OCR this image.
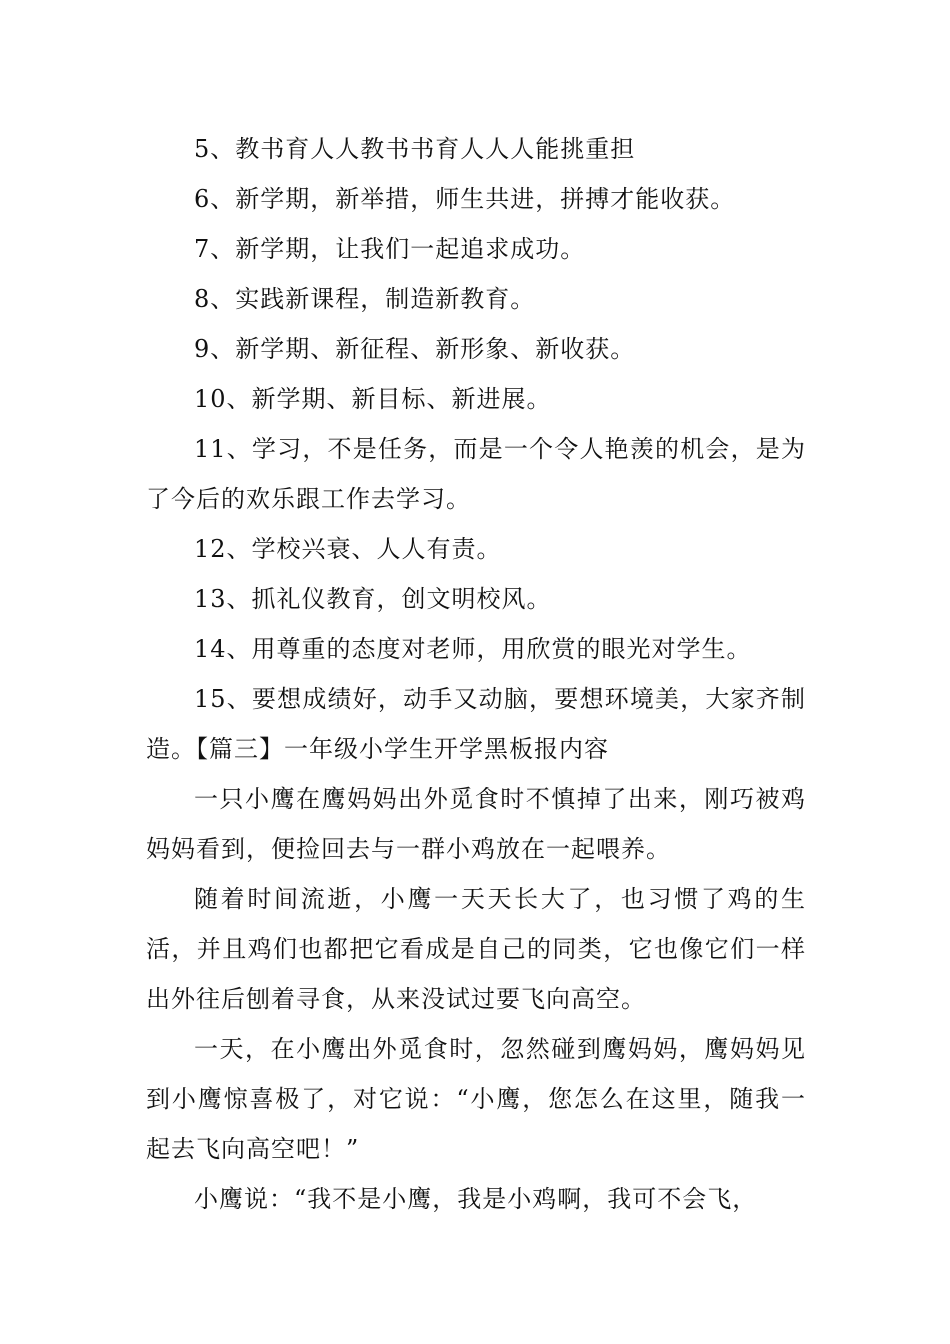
5、教书育人人教书书育人人人能挑重担

6、新学期，新举措，师生共进，拼搏才能收获。

7、新学期，让我们一起追求成功。

8、实践新课程，制造新教育。

9、新学期、新征程、新形象、新收获。

10、新学期、新目标、新进展。

11、学习，不是任务，而是一个令人艳羡的机会，是为了今后的欢乐跟工作去学习。

12、学校兴衰、人人有责。

13、抓礼仪教育，创文明校风。

14、用尊重的态度对老师，用欣赏的眼光对学生。

15、要想成绩好，动手又动脑，要想环境美，大家齐制造。【篇三】一年级小学生开学黑板报内容

一只小鹰在鹰妈妈出外觅食时不慎掉了出来，刚巧被鸡妈妈看到，便捡回去与一群小鸡放在一起喂养。

随着时间流逝，小鹰一天天长大了，也习惯了鸡的生活，并且鸡们也都把它看成是自己的同类，它也像它们一样出外往后刨着寻食，从来没试过要飞向高空。

一天，在小鹰出外觅食时，忽然碰到鹰妈妈，鹰妈妈见到小鹰惊喜极了，对它说：“小鹰，您怎么在这里，随我一起去飞向高空吧！”

小鹰说：“我不是小鹰，我是小鸡啊，我可不会飞，
